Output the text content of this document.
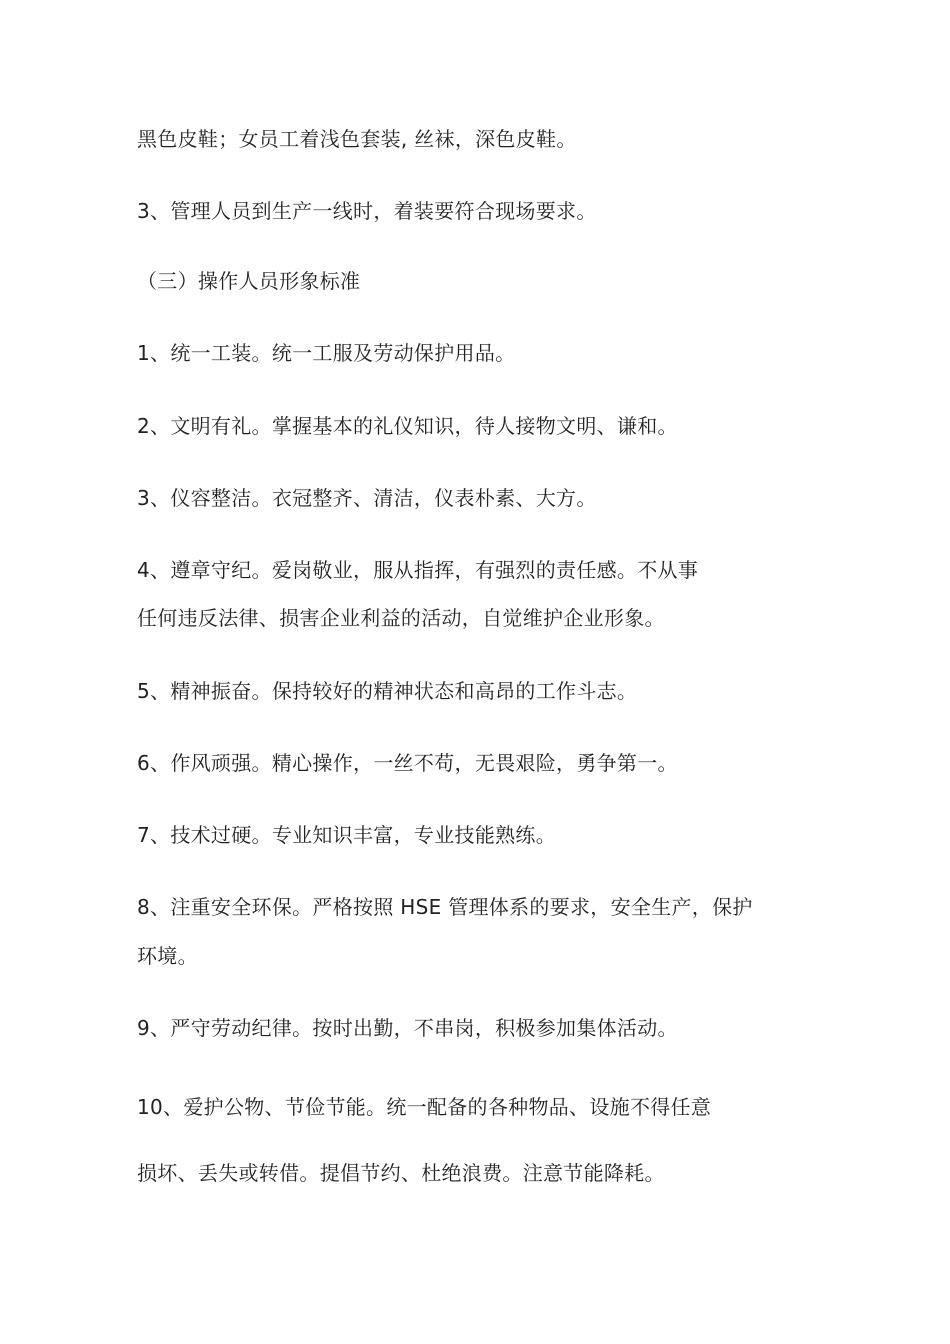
黑色皮鞋；女员工着浅色套装, 丝袜，深色皮鞋。
3、管理人员到生产一线时，着装要符合现场要求。
（三）操作人员形象标准
1、统一工装。统一工服及劳动保护用品。
2、文明有礼。掌握基本的礼仪知识，待人接物文明、谦和。
3、仪容整洁。衣冠整齐、清洁，仪表朴素、大方。
4、遵章守纪。爱岗敬业，服从指挥，有强烈的责任感。不从事
任何违反法律、损害企业利益的活动，自觉维护企业形象。
5、精神振奋。保持较好的精神状态和高昂的工作斗志。
6、作风顽强。精心操作，一丝不苟，无畏艰险，勇争第一。
7、技术过硬。专业知识丰富，专业技能熟练。
8、注重安全环保。严格按照 HSE 管理体系的要求，安全生产，保护
环境。
9、严守劳动纪律。按时出勤，不串岗，积极参加集体活动。
10、爱护公物、节俭节能。统一配备的各种物品、设施不得任意
损坏、丢失或转借。提倡节约、杜绝浪费。注意节能降耗。
